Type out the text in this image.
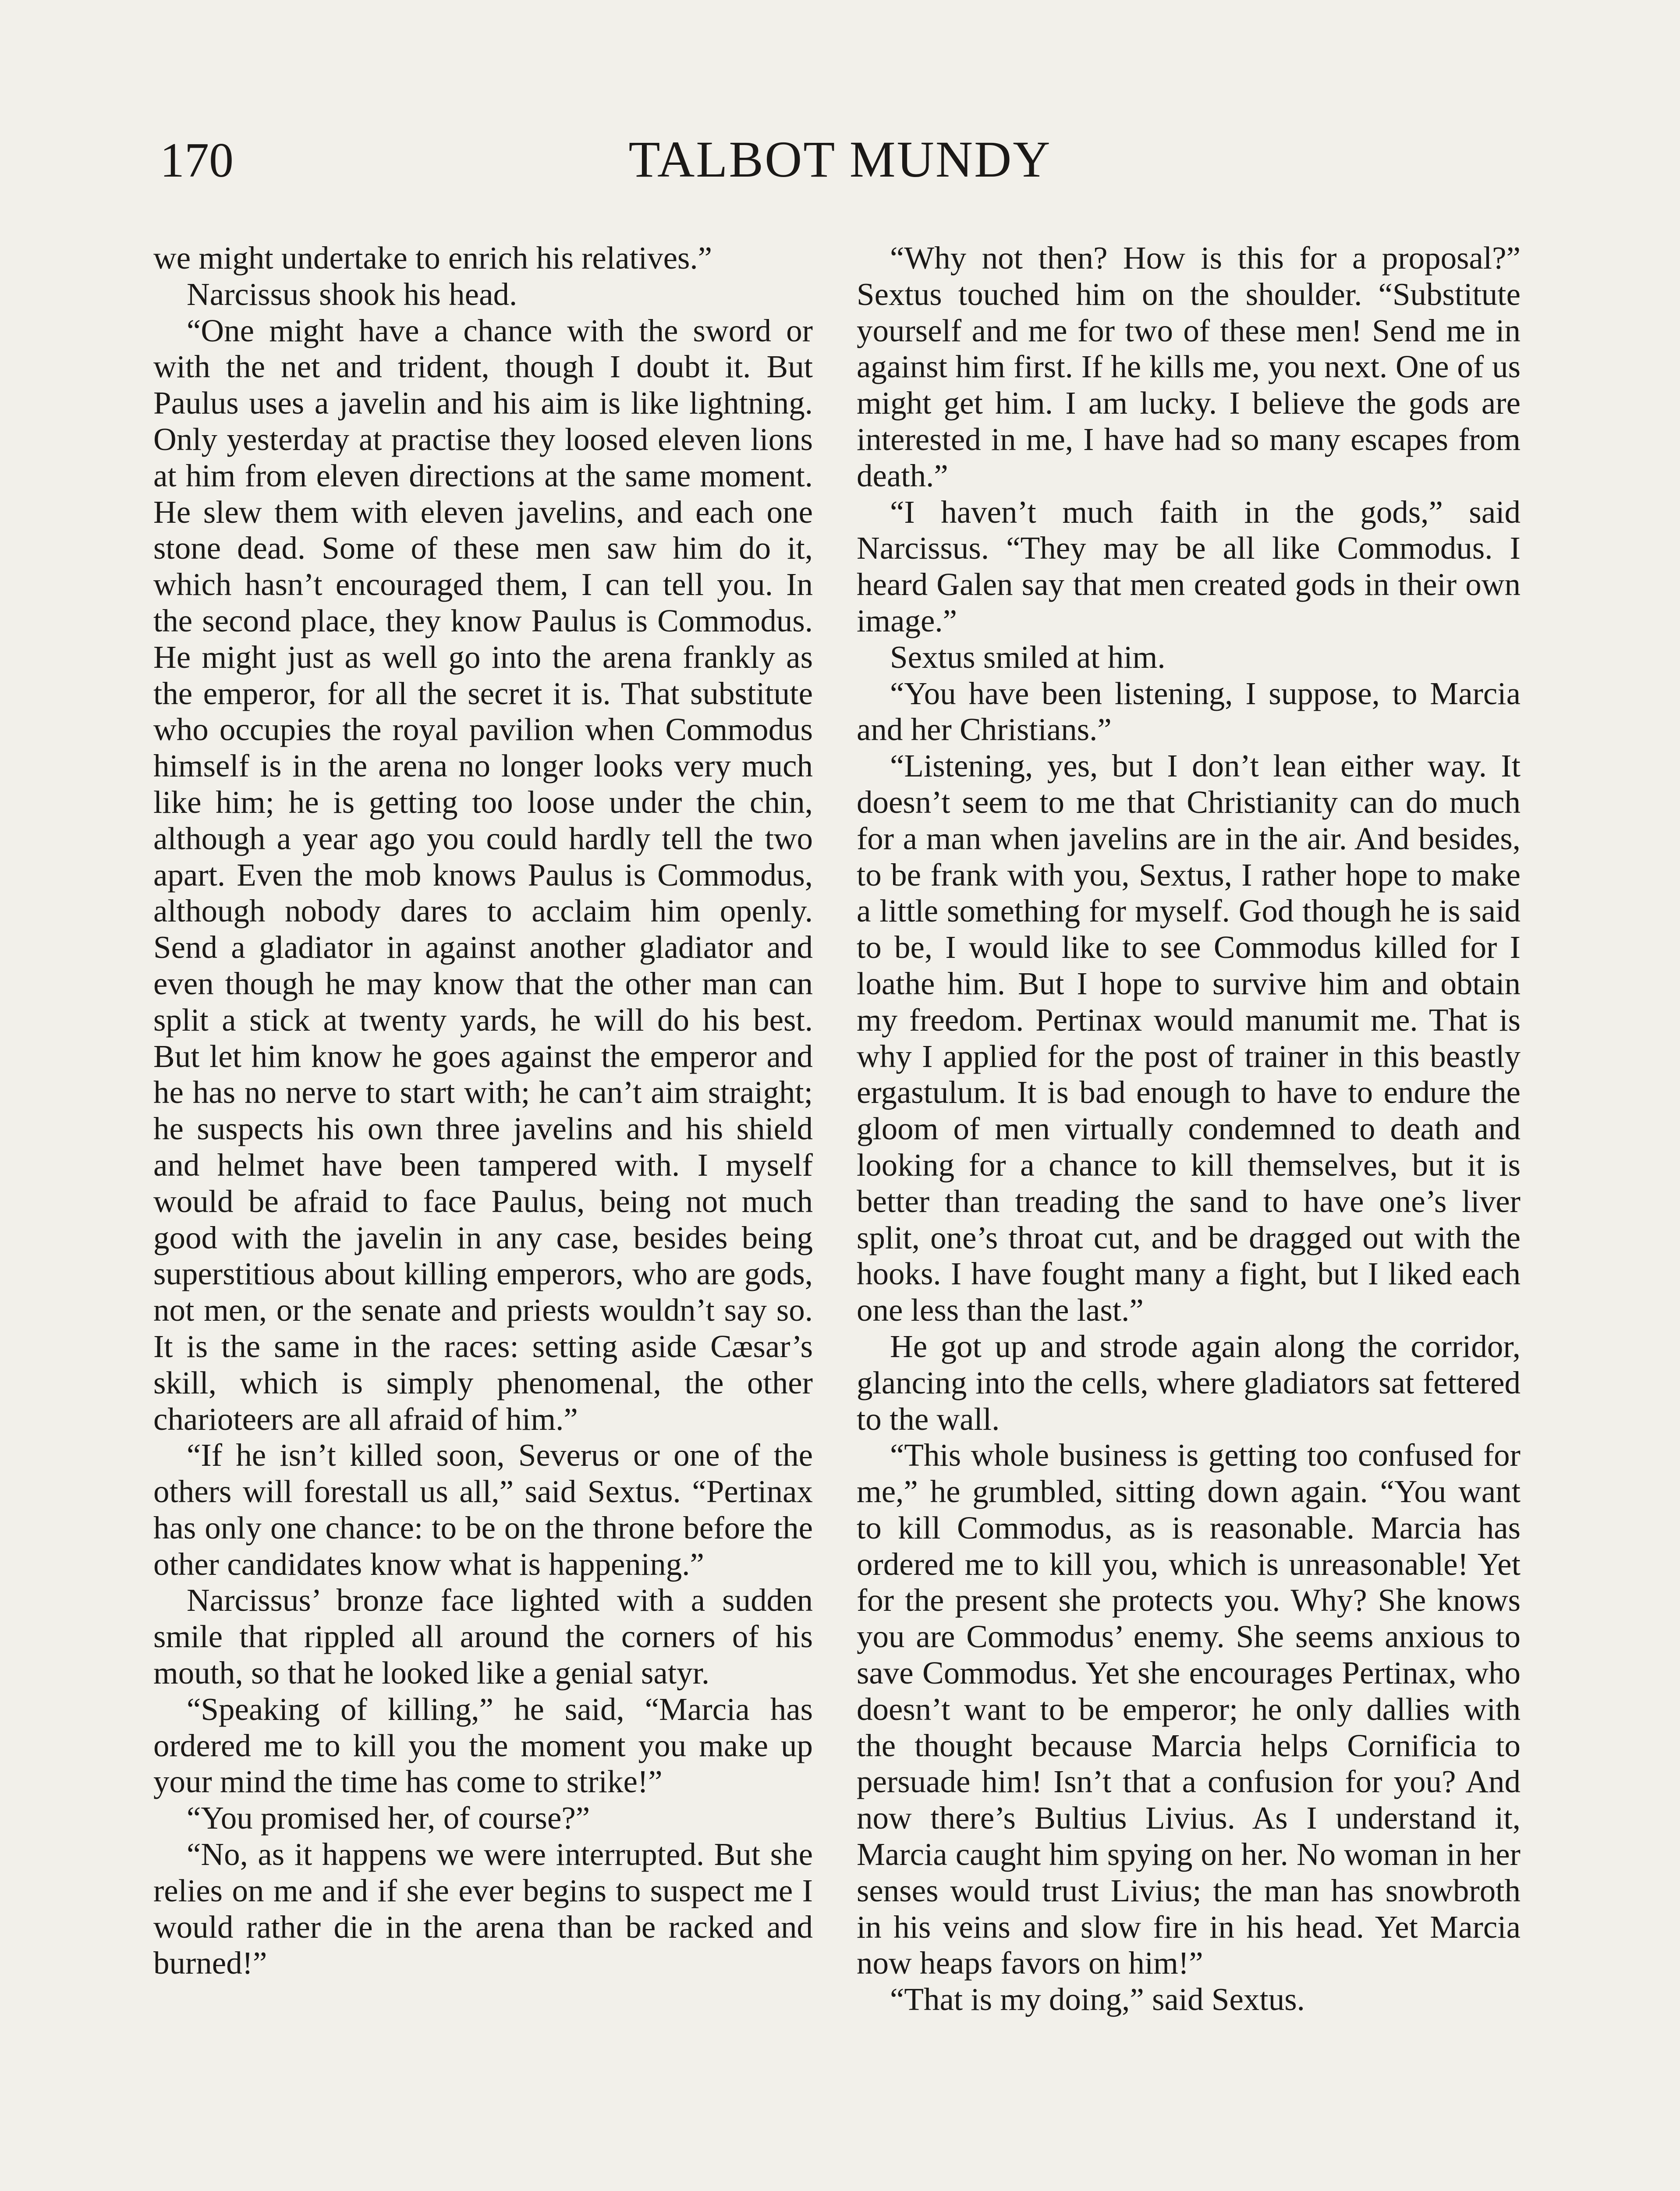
170	TALBOT MUNDY

we might undertake to enrich his relatives.”

Narcissus shook his head.

“One might have a chance with the sword or with the net and trident, though I doubt it. But Paulus uses a javelin and his aim is like lightning. Only yesterday at practise they loosed eleven lions at him from eleven directions at the same moment. He slew them with eleven javelins, and each one stone dead. Some of these men saw him do it, which hasn’t encouraged them, I can tell you. In the second place, they know Paulus is Commodus. He might just as well go into the arena frankly as the emperor, for all the secret it is. That substitute who occupies the royal pavilion when Commodus himself is in the arena no longer looks very much like him; he is getting too loose under the chin, although a year ago you could hardly tell the two apart. Even the mob knows Paulus is Commodus, although nobody dares to acclaim him openly. Send a gladiator in against another gladiator and even though he may know that the other man can split a stick at twenty yards, he will do his best. But let him know he goes against the emperor and he has no nerve to start with; he can’t aim straight; he suspects his own three javelins and his shield and helmet have been tampered with. I myself would be afraid to face Paulus, being not much good with the javelin in any case, besides being superstitious about killing emperors, who are gods, not men, or the senate and priests wouldn’t say so. It is the same in the races: setting aside Cæsar’s skill, which is simply phenomenal, the other charioteers are all afraid of him.”

“If he isn’t killed soon, Severus or one of the others will forestall us all,” said Sextus. “Pertinax has only one chance: to be on the throne before the other candidates know what is happening.”

Narcissus’ bronze face lighted with a sudden smile that rippled all around the corners of his mouth, so that he looked like a genial satyr.

“Speaking of killing,” he said, “Marcia has ordered me to kill you the moment you make up your mind the time has come to strike!”

“You promised her, of course?”

“No, as it happens we were interrupted. But she relies on me and if she ever begins to suspect me I would rather die in the arena than be racked and burned!”

“Why not then? How is this for a proposal?” Sextus touched him on the shoulder. “Substitute yourself and me for two of these men! Send me in against him first. If he kills me, you next. One of us might get him. I am lucky. I believe the gods are interested in me, I have had so many escapes from death.”

“I haven’t much faith in the gods,” said Narcissus. “They may be all like Commodus. I heard Galen say that men created gods in their own image.”

Sextus smiled at him.

“You have been listening, I suppose, to Marcia and her Christians.”

“Listening, yes, but I don’t lean either way. It doesn’t seem to me that Christianity can do much for a man when javelins are in the air. And besides, to be frank with you, Sextus, I rather hope to make a little something for myself. God though he is said to be, I would like to see Commodus killed for I loathe him. But I hope to survive him and obtain my freedom. Pertinax would manumit me. That is why I applied for the post of trainer in this beastly ergastulum. It is bad enough to have to endure the gloom of men virtually condemned to death and looking for a chance to kill themselves, but it is better than treading the sand to have one’s liver split, one’s throat cut, and be dragged out with the hooks. I have fought many a fight, but I liked each one less than the last.”

He got up and strode again along the corridor, glancing into the cells, where gladiators sat fettered to the wall.

“This whole business is getting too confused for me,” he grumbled, sitting down again. “You want to kill Commodus, as is reasonable. Marcia has ordered me to kill you, which is unreasonable! Yet for the present she protects you. Why? She knows you are Commodus’ enemy. She seems anxious to save Commodus. Yet she encourages Pertinax, who doesn’t want to be emperor; he only dallies with the thought because Marcia helps Cornificia to persuade him! Isn’t that a confusion for you? And now there’s Bultius Livius. As I understand it, Marcia caught him spying on her. No woman in her senses would trust Livius; the man has snowbroth in his veins and slow fire in his head. Yet Marcia now heaps favors on him!”

“That is my doing,” said Sextus.
